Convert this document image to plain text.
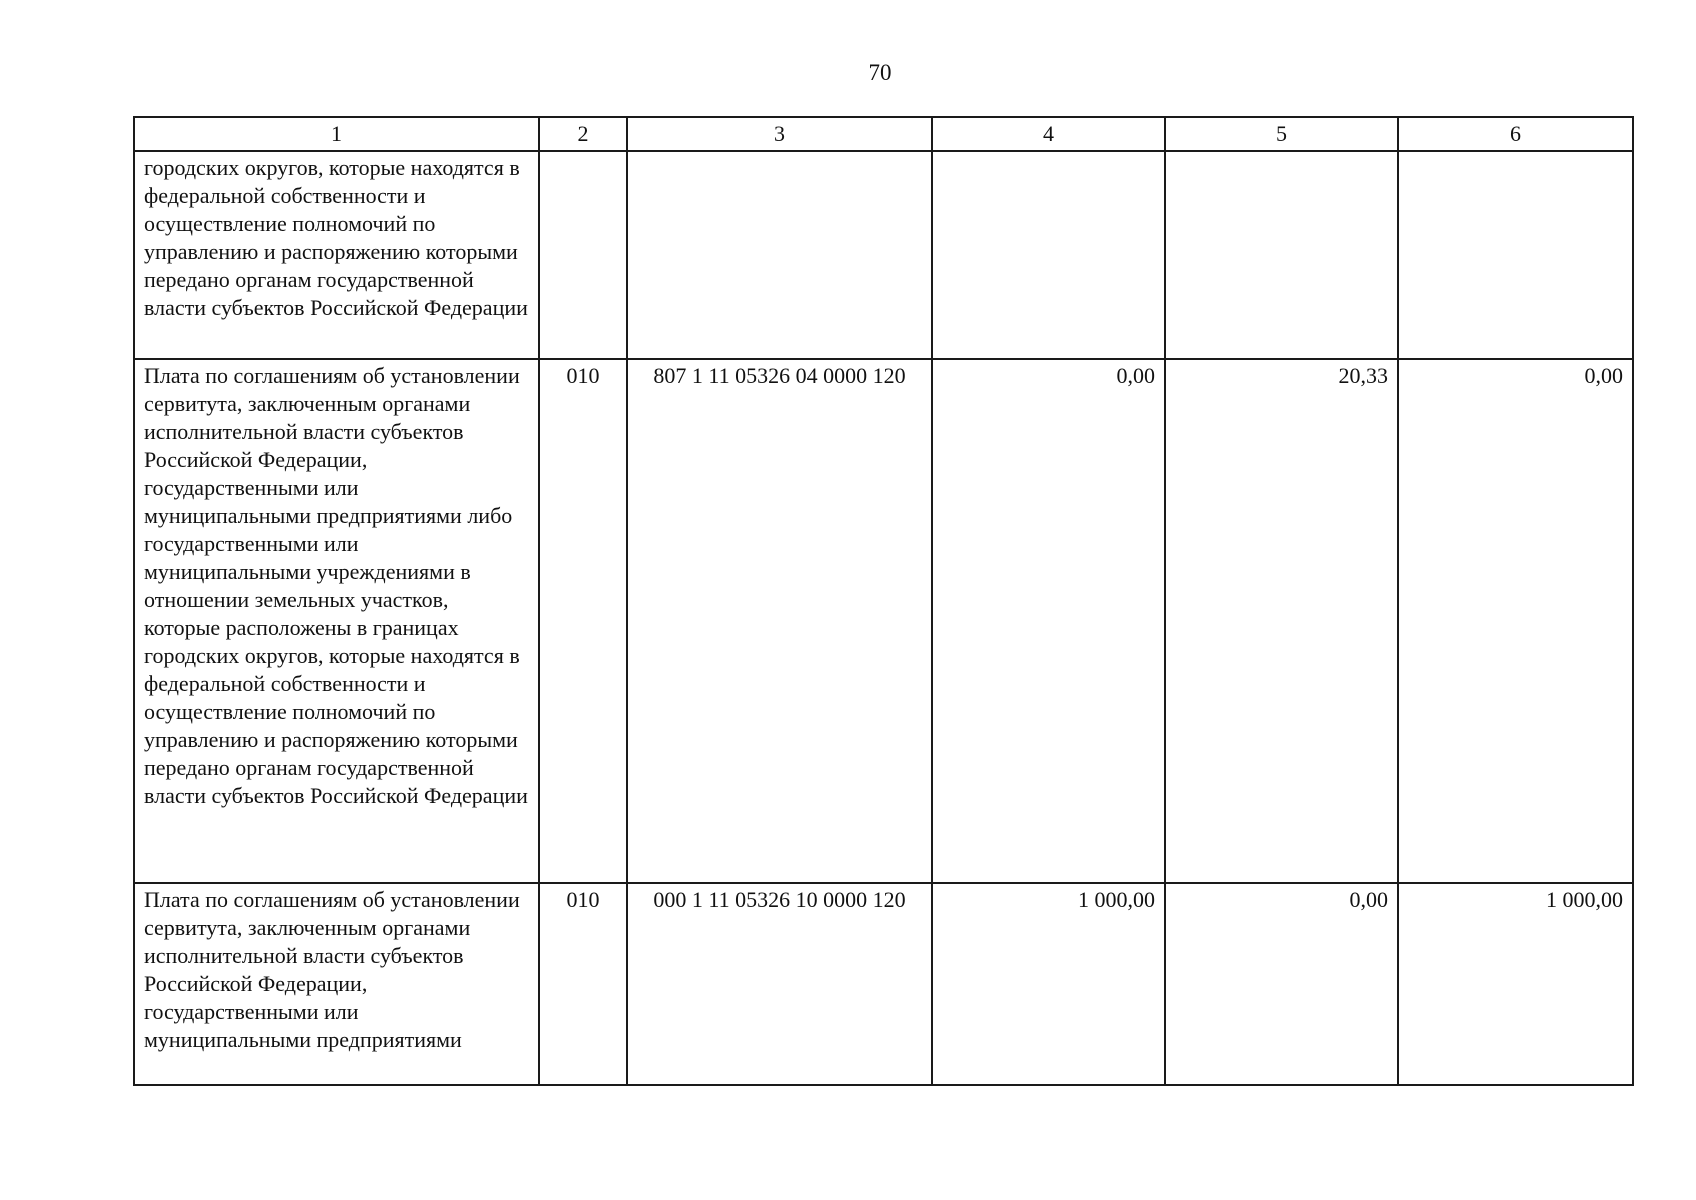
70
1	2	3	4	5	6
городских округов, которые находятся в федеральной собственности и осуществление полномочий по управлению и распоряжению которыми передано органам государственной власти субъектов Российской Федерации					
Плата по соглашениям об установлении сервитута, заключенным органами исполнительной власти субъектов Российской Федерации, государственными или муниципальными предприятиями либо государственными или муниципальными учреждениями в отношении земельных участков, которые расположены в границах городских округов, которые находятся в федеральной собственности и осуществление полномочий по управлению и распоряжению которыми передано органам государственной власти субъектов Российской Федерации	010	807 1 11 05326 04 0000 120	0,00	20,33	0,00
Плата по соглашениям об установлении сервитута, заключенным органами исполнительной власти субъектов Российской Федерации, государственными или муниципальными предприятиями	010	000 1 11 05326 10 0000 120	1 000,00	0,00	1 000,00
